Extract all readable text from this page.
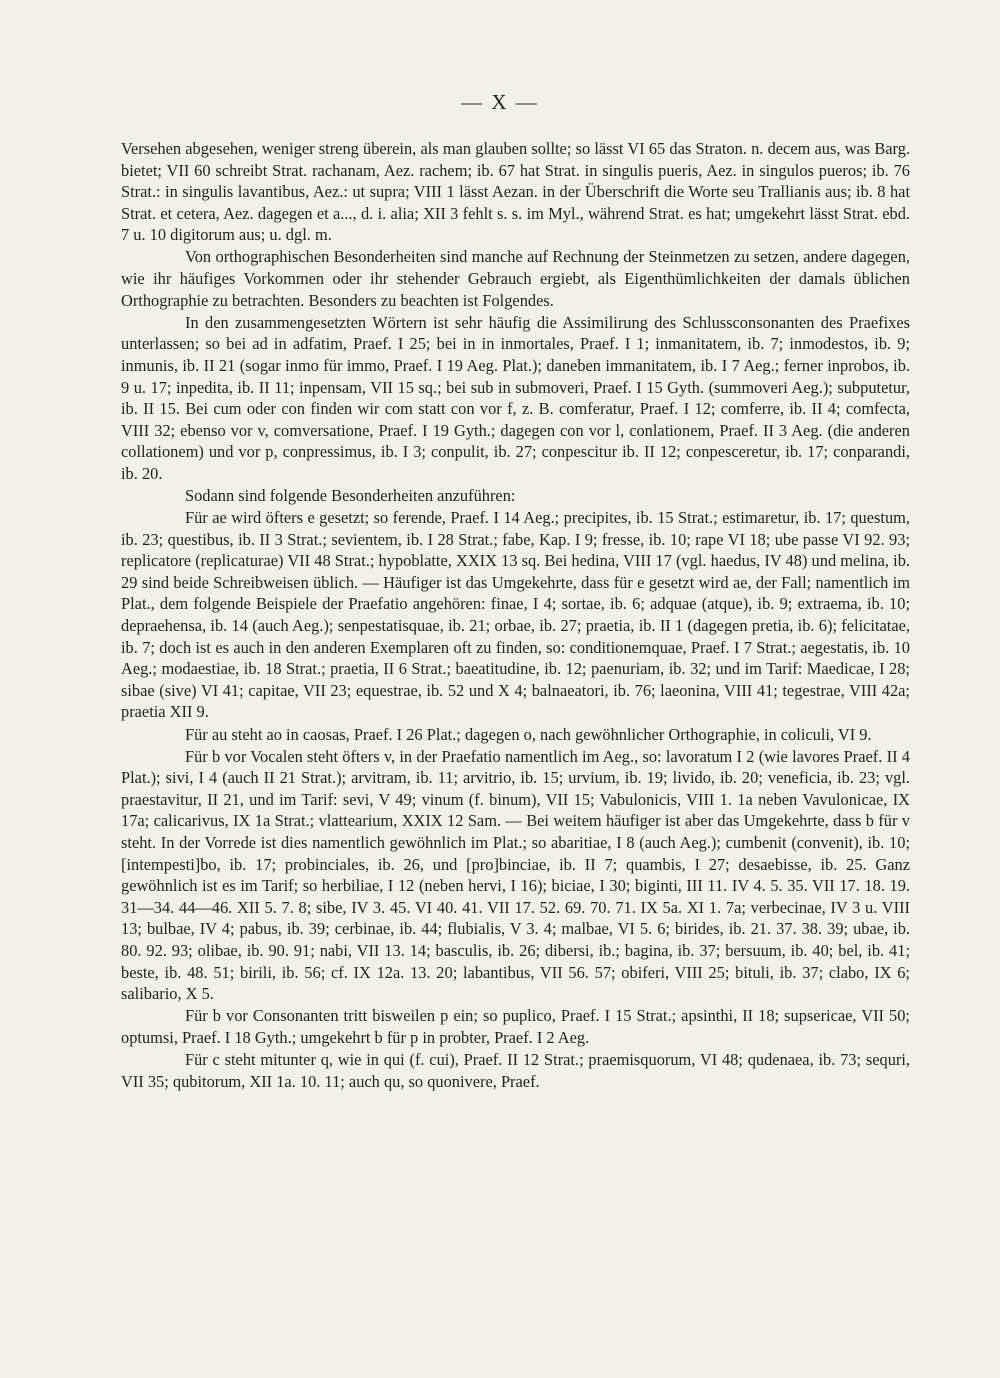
— X —

Versehen abgesehen, weniger streng überein, als man glauben sollte; so lässt VI 65 das Straton. n. decem aus, was Barg. bietet; VII 60 schreibt Strat. rachanam, Aez. rachem; ib. 67 hat Strat. in singulis pueris, Aez. in singulos pueros; ib. 76 Strat.: in singulis lavantibus, Aez.: ut supra; VIII 1 lässt Aezan. in der Überschrift die Worte seu Trallianis aus; ib. 8 hat Strat. et cetera, Aez. dagegen et a..., d. i. alia; XII 3 fehlt s. s. im Myl., während Strat. es hat; umgekehrt lässt Strat. ebd. 7 u. 10 digitorum aus; u. dgl. m.

Von orthographischen Besonderheiten sind manche auf Rechnung der Steinmetzen zu setzen, andere dagegen, wie ihr häufiges Vorkommen oder ihr stehender Gebrauch ergiebt, als Eigenthümlichkeiten der damals üblichen Orthographie zu betrachten. Besonders zu beachten ist Folgendes.

In den zusammengesetzten Wörtern ist sehr häufig die Assimilirung des Schlussconsonanten des Praefixes unterlassen; so bei ad in adfatim, Praef. I 25; bei in in inmortales, Praef. I 1; inmanitatem, ib. 7; inmodestos, ib. 9; inmunis, ib. II 21 (sogar inmo für immo, Praef. I 19 Aeg. Plat.); daneben immanitatem, ib. I 7 Aeg.; ferner inprobos, ib. 9 u. 17; inpedita, ib. II 11; inpensam, VII 15 sq.; bei sub in submoveri, Praef. I 15 Gyth. (summoveri Aeg.); subputetur, ib. II 15. Bei cum oder con finden wir com statt con vor f, z. B. comferatur, Praef. I 12; comferre, ib. II 4; comfecta, VIII 32; ebenso vor v, comversatione, Praef. I 19 Gyth.; dagegen con vor l, conlationem, Praef. II 3 Aeg. (die anderen collationem) und vor p, conpressimus, ib. I 3; conpulit, ib. 27; conpescitur ib. II 12; conpesceretur, ib. 17; conparandi, ib. 20.

Sodann sind folgende Besonderheiten anzuführen:

Für ae wird öfters e gesetzt; so ferende, Praef. I 14 Aeg.; precipites, ib. 15 Strat.; estimaretur, ib. 17; questum, ib. 23; questibus, ib. II 3 Strat.; sevientem, ib. I 28 Strat.; fabe, Kap. I 9; fresse, ib. 10; rape VI 18; ube passe VI 92. 93; replicatore (replicaturae) VII 48 Strat.; hypoblatte, XXIX 13 sq. Bei hedina, VIII 17 (vgl. haedus, IV 48) und melina, ib. 29 sind beide Schreibweisen üblich. — Häufiger ist das Umgekehrte, dass für e gesetzt wird ae, der Fall; namentlich im Plat., dem folgende Beispiele der Praefatio angehören: finae, I 4; sortae, ib. 6; adquae (atque), ib. 9; extraema, ib. 10; depraehensa, ib. 14 (auch Aeg.); senpestatisquae, ib. 21; orbae, ib. 27; praetia, ib. II 1 (dagegen pretia, ib. 6); felicitatae, ib. 7; doch ist es auch in den anderen Exemplaren oft zu finden, so: conditionemquae, Praef. I 7 Strat.; aegestatis, ib. 10 Aeg.; modaestiae, ib. 18 Strat.; praetia, II 6 Strat.; baeatitudine, ib. 12; paenuriam, ib. 32; und im Tarif: Maedicae, I 28; sibae (sive) VI 41; capitae, VII 23; equestrae, ib. 52 und X 4; balnaeatori, ib. 76; laeonina, VIII 41; tegestrae, VIII 42a; praetia XII 9.

Für au steht ao in caosas, Praef. I 26 Plat.; dagegen o, nach gewöhnlicher Orthographie, in coliculi, VI 9.

Für b vor Vocalen steht öfters v, in der Praefatio namentlich im Aeg., so: lavoratum I 2 (wie lavores Praef. II 4 Plat.); sivi, I 4 (auch II 21 Strat.); arvitram, ib. 11; arvitrio, ib. 15; urvium, ib. 19; livido, ib. 20; veneficia, ib. 23; vgl. praestavitur, II 21, und im Tarif: sevi, V 49; vinum (f. binum), VII 15; Vabulonicis, VIII 1. 1a neben Vavulonicae, IX 17a; calicarivus, IX 1a Strat.; vlattearium, XXIX 12 Sam. — Bei weitem häufiger ist aber das Umgekehrte, dass b für v steht. In der Vorrede ist dies namentlich gewöhnlich im Plat.; so abaritiae, I 8 (auch Aeg.); cumbenit (convenit), ib. 10; [intempesti]bo, ib. 17; probinciales, ib. 26, und [pro]binciae, ib. II 7; quambis, I 27; desaebisse, ib. 25. Ganz gewöhnlich ist es im Tarif; so herbiliae, I 12 (neben hervi, I 16); biciae, I 30; biginti, III 11. IV 4. 5. 35. VII 17. 18. 19. 31—34. 44—46. XII 5. 7. 8; sibe, IV 3. 45. VI 40. 41. VII 17. 52. 69. 70. 71. IX 5a. XI 1. 7a; verbecinae, IV 3 u. VIII 13; bulbae, IV 4; pabus, ib. 39; cerbinae, ib. 44; flubialis, V 3. 4; malbae, VI 5. 6; birides, ib. 21. 37. 38. 39; ubae, ib. 80. 92. 93; olibae, ib. 90. 91; nabi, VII 13. 14; basculis, ib. 26; dibersi, ib.; bagina, ib. 37; bersuum, ib. 40; bel, ib. 41; beste, ib. 48. 51; birili, ib. 56; cf. IX 12a. 13. 20; labantibus, VII 56. 57; obiferi, VIII 25; bituli, ib. 37; clabo, IX 6; salibario, X 5.

Für b vor Consonanten tritt bisweilen p ein; so puplico, Praef. I 15 Strat.; apsinthi, II 18; supsericae, VII 50; optumsi, Praef. I 18 Gyth.; umgekehrt b für p in probter, Praef. I 2 Aeg.

Für c steht mitunter q, wie in qui (f. cui), Praef. II 12 Strat.; praemisquorum, VI 48; qudenaea, ib. 73; sequri, VII 35; qubitorum, XII 1a. 10. 11; auch qu, so quonivere, Praef.
